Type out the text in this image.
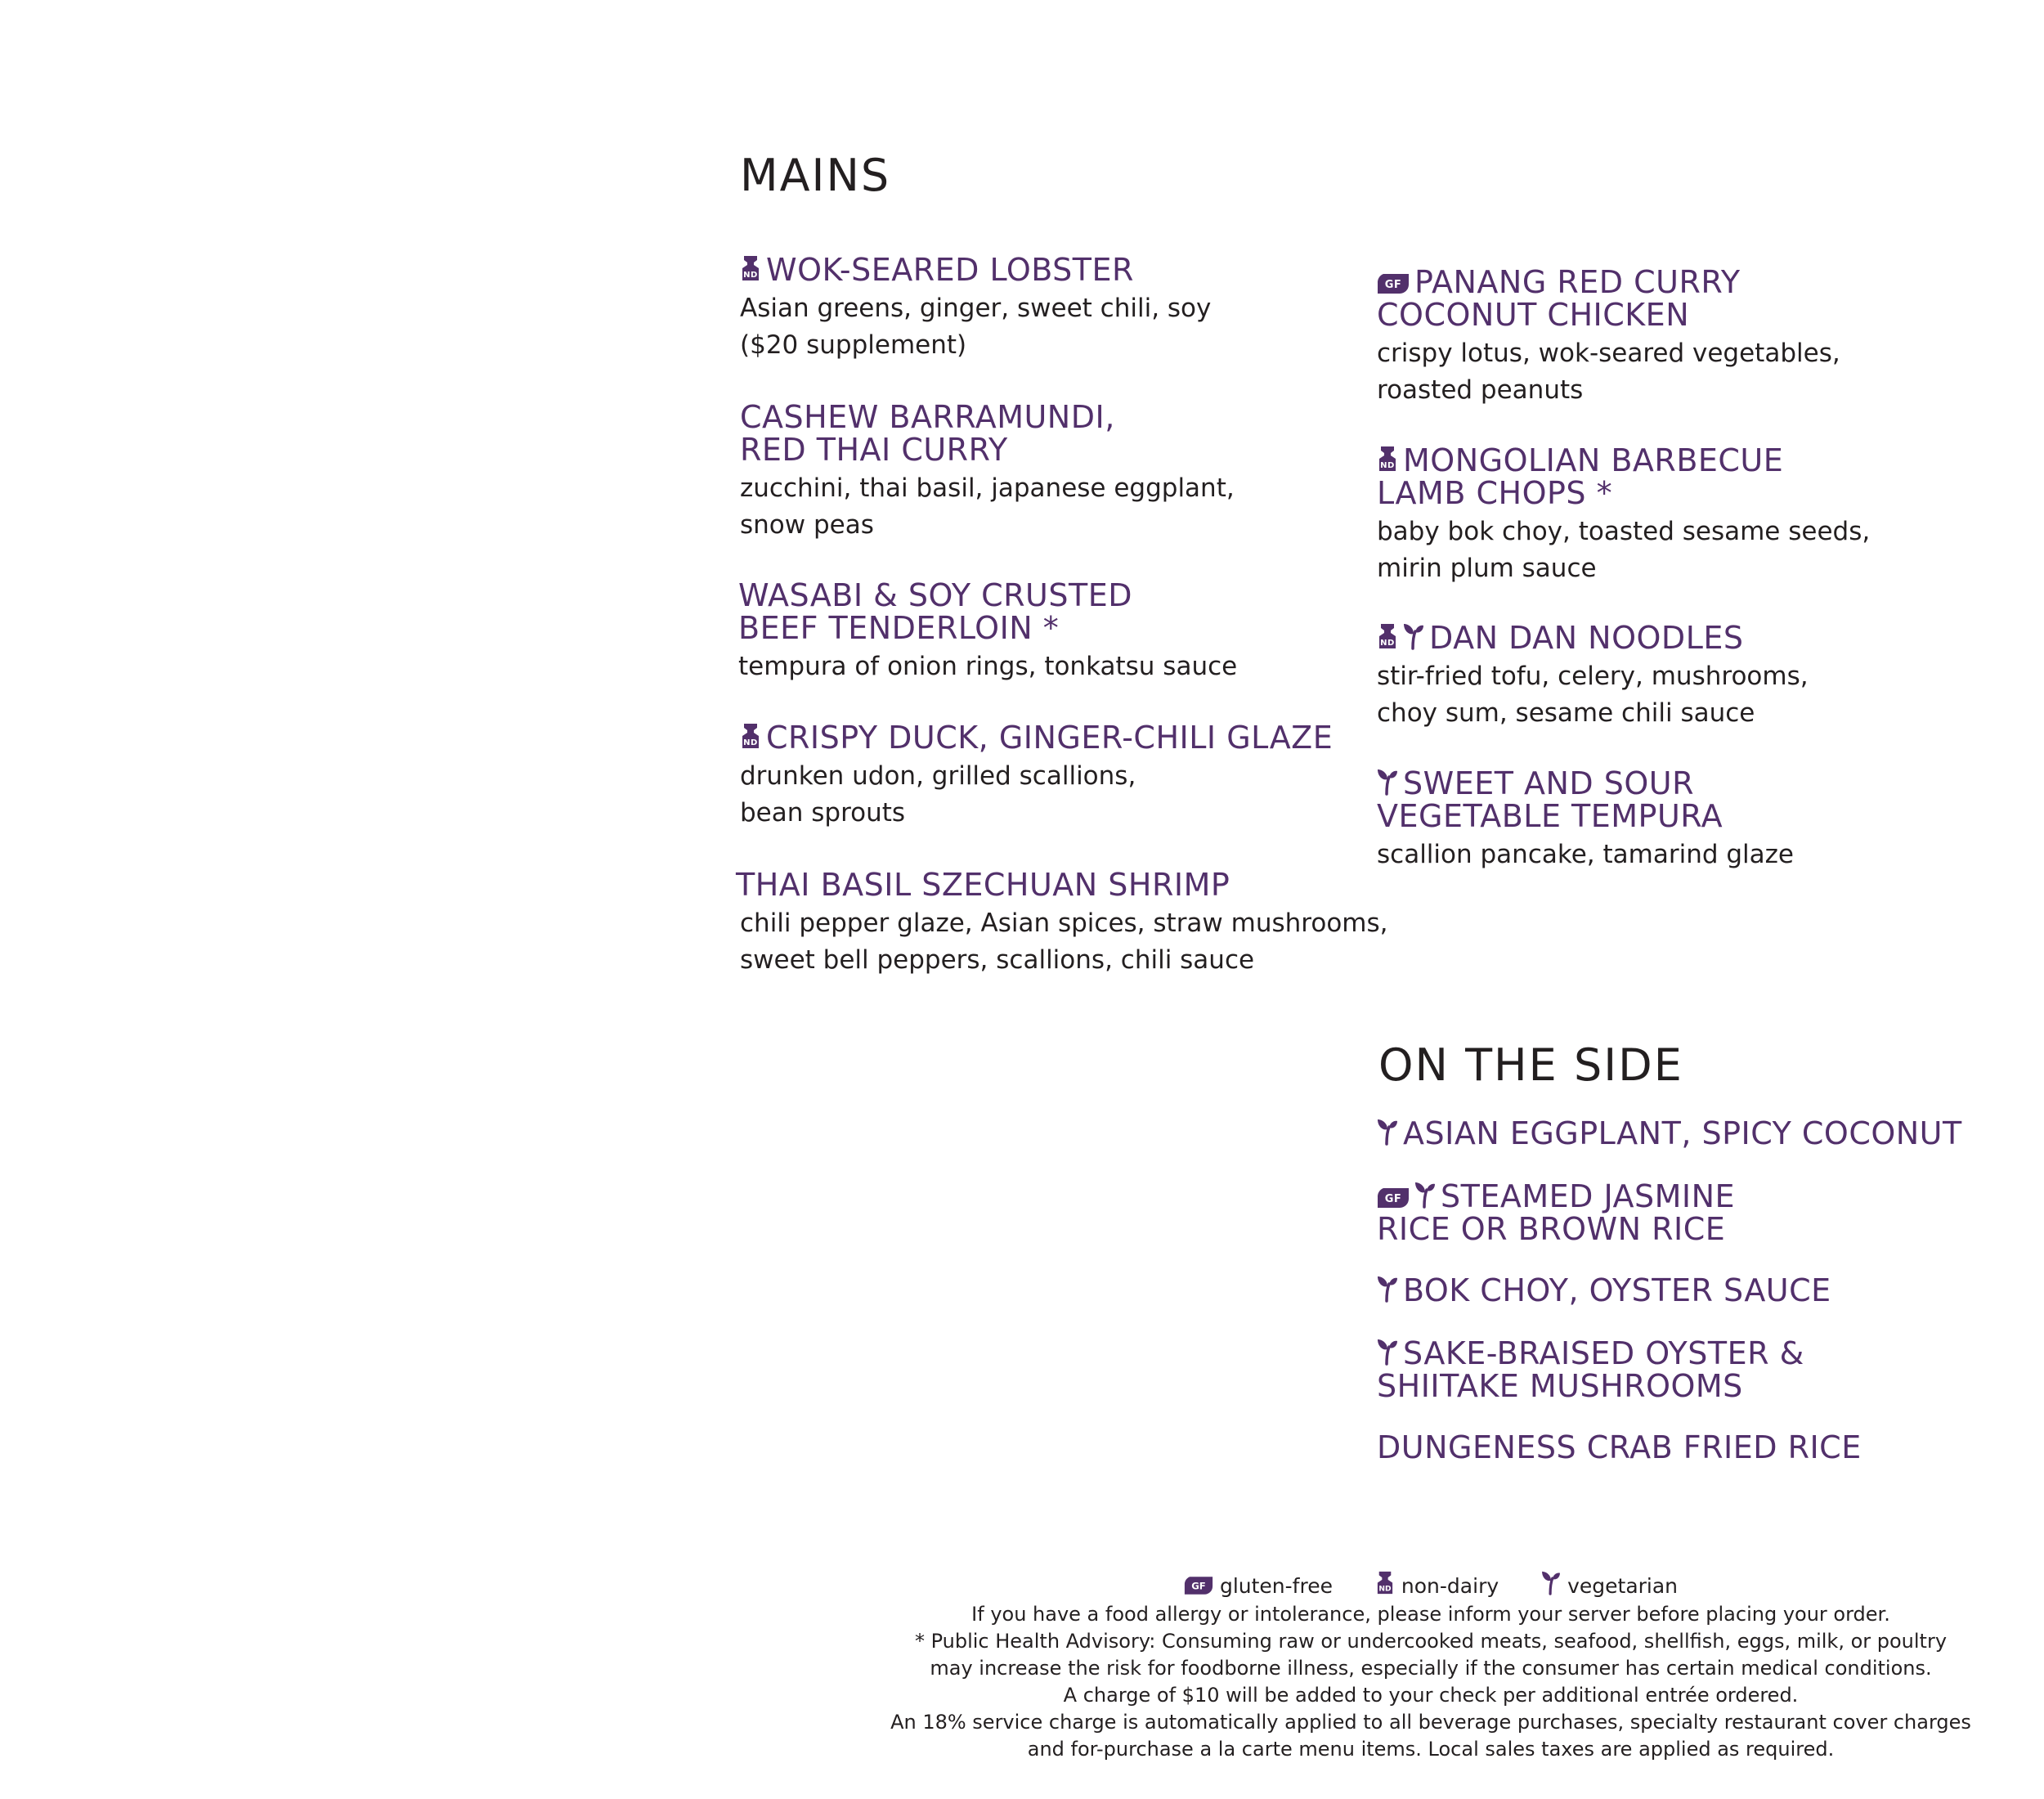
MAINS
ND WOK-SEARED LOBSTER
Asian greens, ginger, sweet chili, soy
($20 supplement)
CASHEW BARRAMUNDI,
RED THAI CURRY
zucchini, thai basil, japanese eggplant,
snow peas
WASABI & SOY CRUSTED
BEEF TENDERLOIN *
tempura of onion rings, tonkatsu sauce
ND CRISPY DUCK, GINGER-CHILI GLAZE
drunken udon, grilled scallions,
bean sprouts
THAI BASIL SZECHUAN SHRIMP
chili pepper glaze, Asian spices, straw mushrooms,
sweet bell peppers, scallions, chili sauce
GF PANANG RED CURRY
COCONUT CHICKEN
crispy lotus, wok-seared vegetables,
roasted peanuts
ND MONGOLIAN BARBECUE
LAMB CHOPS *
baby bok choy, toasted sesame seeds,
mirin plum sauce
ND DAN DAN NOODLES
stir-fried tofu, celery, mushrooms,
choy sum, sesame chili sauce
SWEET AND SOUR
VEGETABLE TEMPURA
scallion pancake, tamarind glaze
ON THE SIDE
ASIAN EGGPLANT, SPICY COCONUT
GF STEAMED JASMINE
RICE OR BROWN RICE
BOK CHOY, OYSTER SAUCE
SAKE-BRAISED OYSTER &
SHIITAKE MUSHROOMS
DUNGENESS CRAB FRIED RICE
GF gluten-free	ND non-dairy	vegetarian
If you have a food allergy or intolerance, please inform your server before placing your order.
* Public Health Advisory: Consuming raw or undercooked meats, seafood, shellfish, eggs, milk, or poultry
may increase the risk for foodborne illness, especially if the consumer has certain medical conditions.
A charge of $10 will be added to your check per additional entrée ordered.
An 18% service charge is automatically applied to all beverage purchases, specialty restaurant cover charges
and for-purchase a la carte menu items. Local sales taxes are applied as required.
